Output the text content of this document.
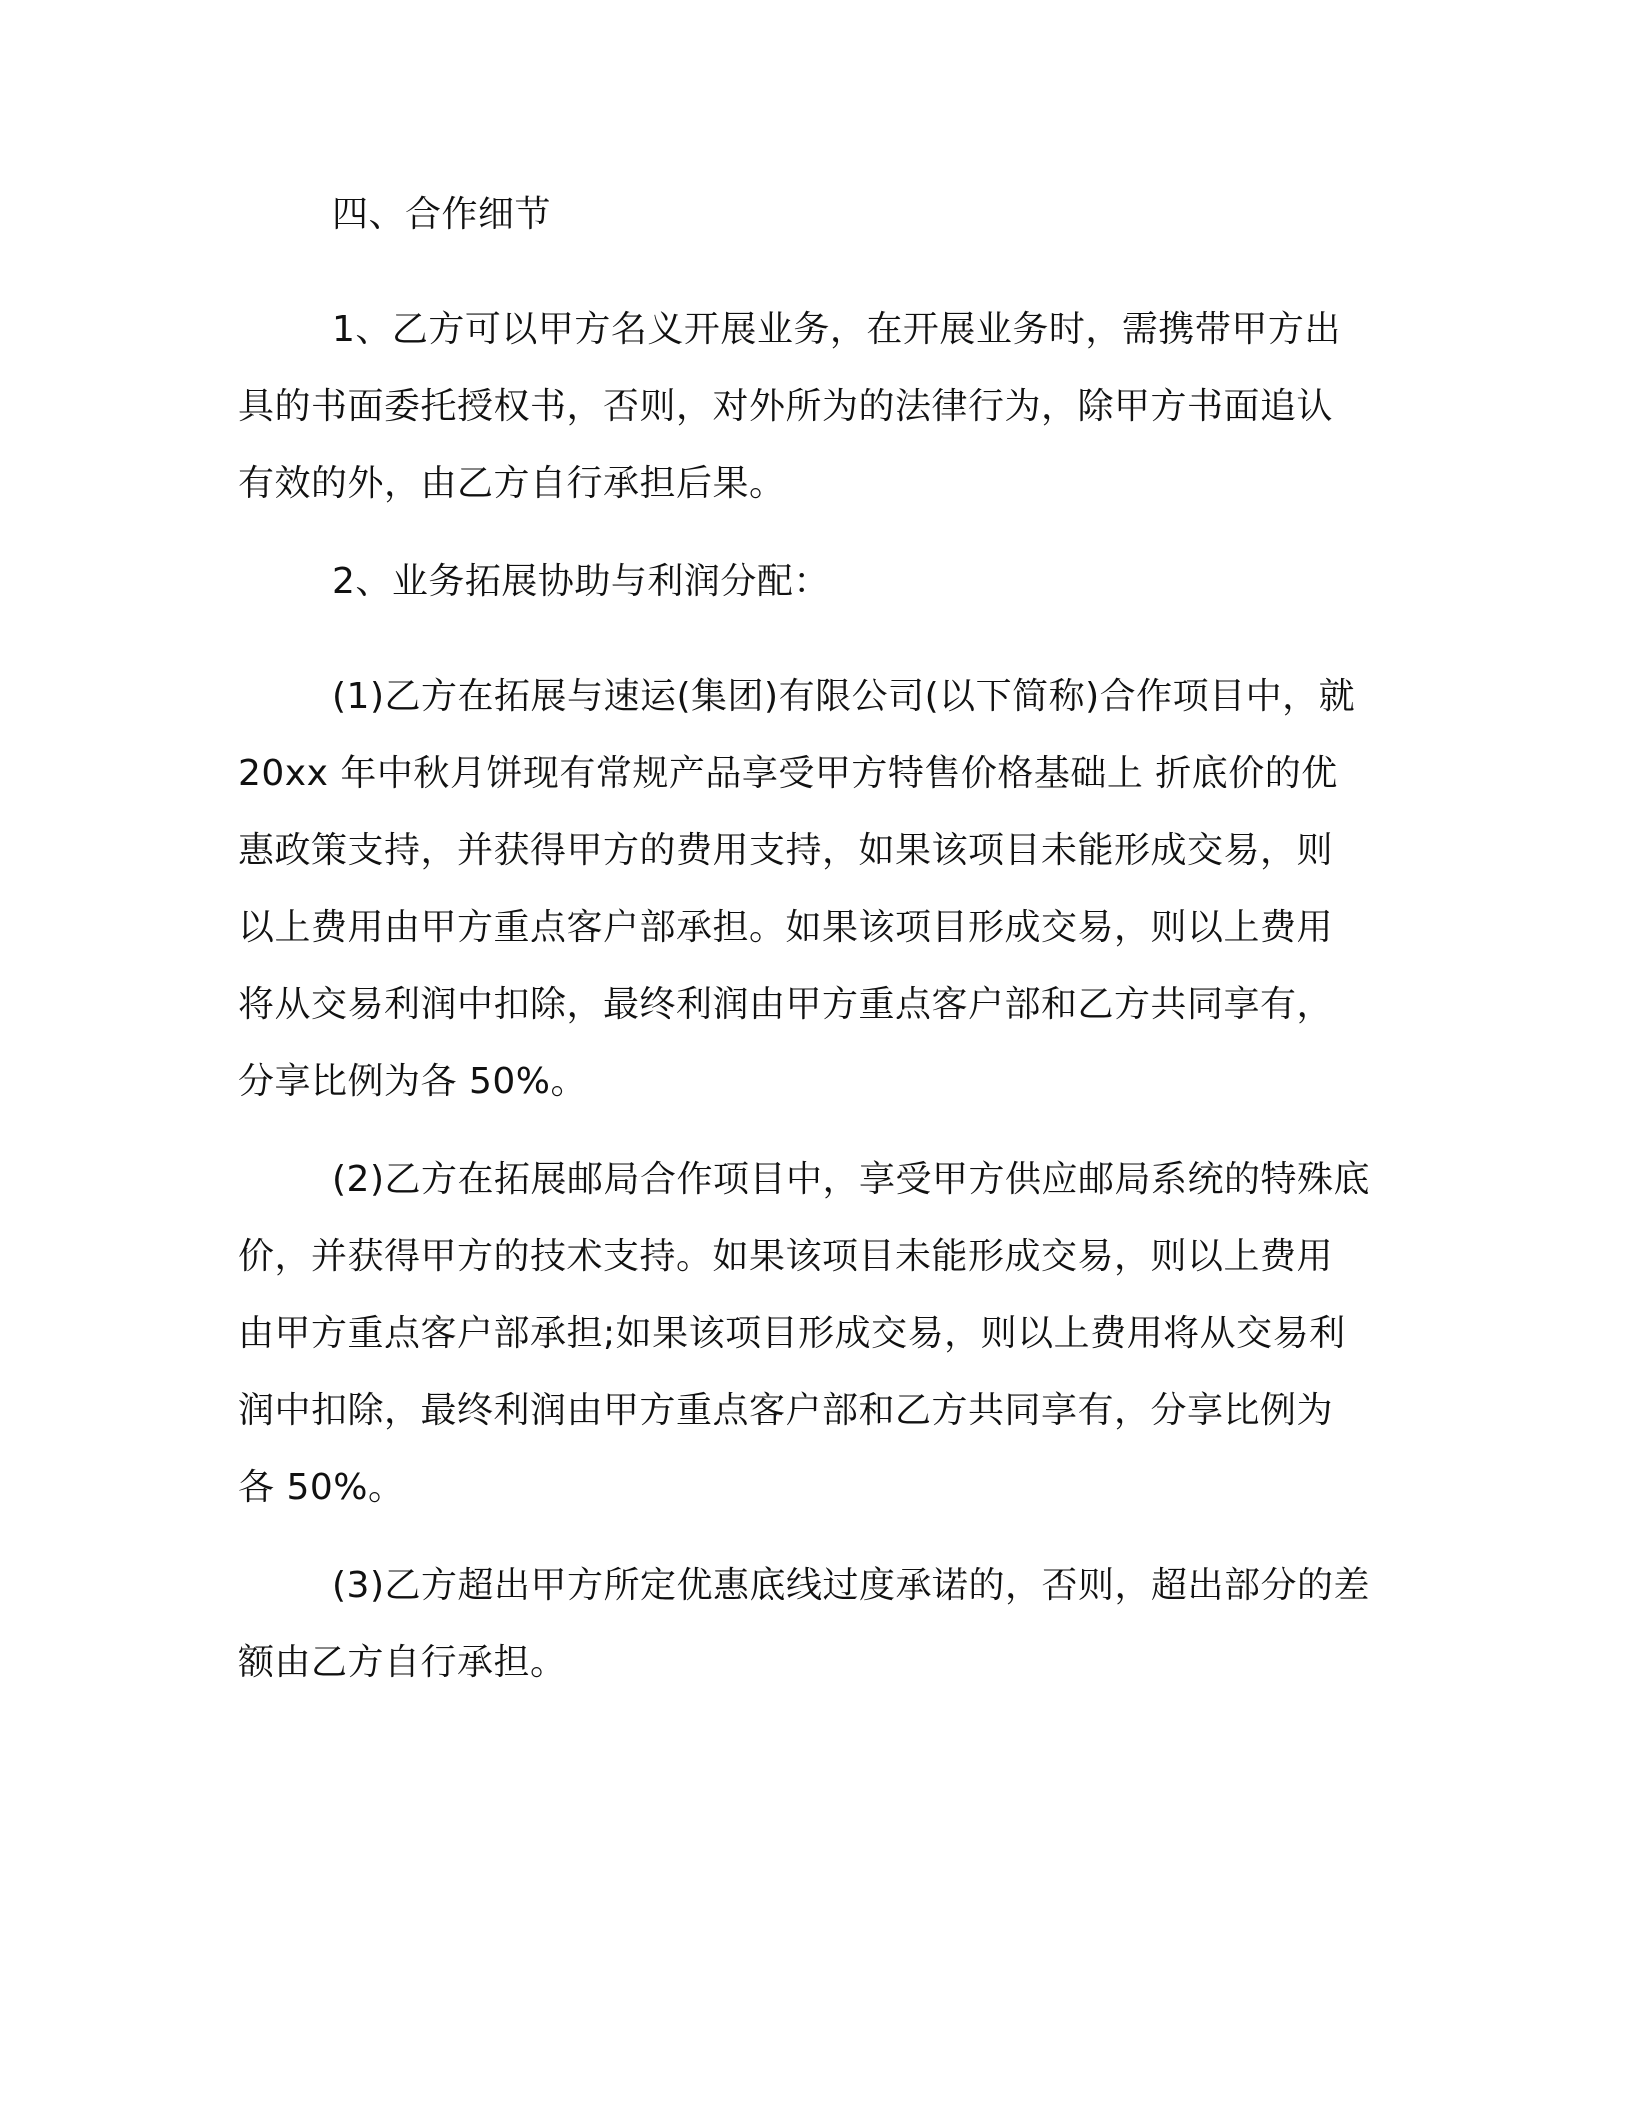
四、合作细节
1、乙方可以甲方名义开展业务，在开展业务时，需携带甲方出
具的书面委托授权书，否则，对外所为的法律行为，除甲方书面追认
有效的外，由乙方自行承担后果。
2、业务拓展协助与利润分配：
(1)乙方在拓展与速运(集团)有限公司(以下简称)合作项目中，就
20xx 年中秋月饼现有常规产品享受甲方特售价格基础上 折底价的优
惠政策支持，并获得甲方的费用支持，如果该项目未能形成交易，则
以上费用由甲方重点客户部承担。如果该项目形成交易，则以上费用
将从交易利润中扣除，最终利润由甲方重点客户部和乙方共同享有，
分享比例为各 50%。
(2)乙方在拓展邮局合作项目中，享受甲方供应邮局系统的特殊底
价，并获得甲方的技术支持。如果该项目未能形成交易，则以上费用
由甲方重点客户部承担;如果该项目形成交易，则以上费用将从交易利
润中扣除，最终利润由甲方重点客户部和乙方共同享有，分享比例为
各 50%。
(3)乙方超出甲方所定优惠底线过度承诺的，否则，超出部分的差
额由乙方自行承担。
